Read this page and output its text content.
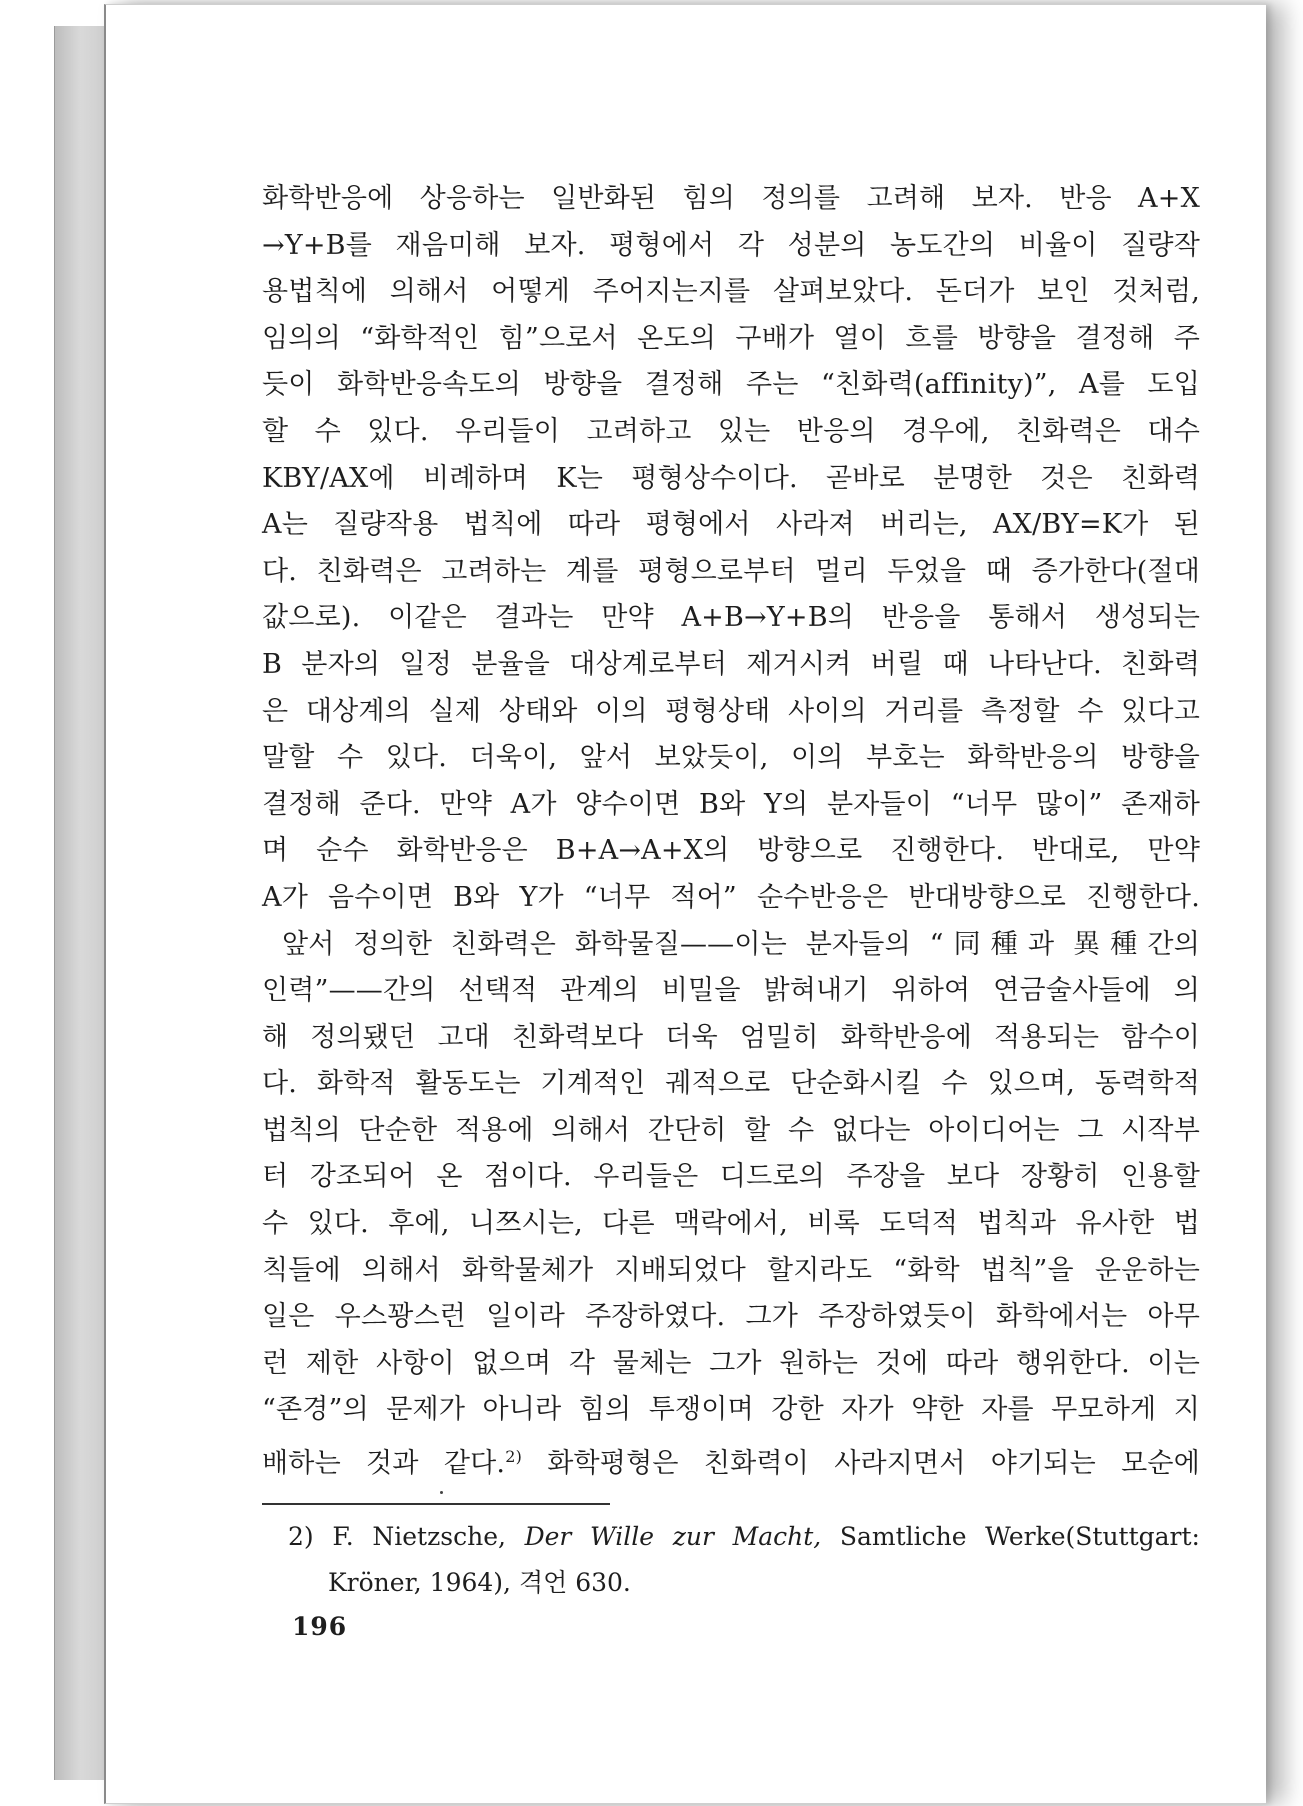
화학반응에 상응하는 일반화된 힘의 정의를 고려해 보자. 반응 A+X
→Y+B를 재음미해 보자. 평형에서 각 성분의 농도간의 비율이 질량작
용법칙에 의해서 어떻게 주어지는지를 살펴보았다. 돈더가 보인 것처럼,
임의의 “화학적인 힘”으로서 온도의 구배가 열이 흐를 방향을 결정해 주
듯이 화학반응속도의 방향을 결정해 주는 “친화력(affinity)”, A를 도입
할 수 있다. 우리들이 고려하고 있는 반응의 경우에, 친화력은 대수
KBY/AX에 비례하며 K는 평형상수이다. 곧바로 분명한 것은 친화력
A는 질량작용 법칙에 따라 평형에서 사라져 버리는, AX/BY=K가 된
다. 친화력은 고려하는 계를 평형으로부터 멀리 두었을 때 증가한다(절대
값으로). 이같은 결과는 만약 A+B→Y+B의 반응을 통해서 생성되는
B 분자의 일정 분율을 대상계로부터 제거시켜 버릴 때 나타난다. 친화력
은 대상계의 실제 상태와 이의 평형상태 사이의 거리를 측정할 수 있다고
말할 수 있다. 더욱이, 앞서 보았듯이, 이의 부호는 화학반응의 방향을
결정해 준다. 만약 A가 양수이면 B와 Y의 분자들이 “너무 많이” 존재하
며 순수 화학반응은 B+A→A+X의 방향으로 진행한다. 반대로, 만약
A가 음수이면 B와 Y가 “너무 적어” 순수반응은 반대방향으로 진행한다.
앞서 정의한 친화력은 화학물질——이는 분자들의 “同種과 異種간의
인력”——간의 선택적 관계의 비밀을 밝혀내기 위하여 연금술사들에 의
해 정의됐던 고대 친화력보다 더욱 엄밀히 화학반응에 적용되는 함수이
다. 화학적 활동도는 기계적인 궤적으로 단순화시킬 수 있으며, 동력학적
법칙의 단순한 적용에 의해서 간단히 할 수 없다는 아이디어는 그 시작부
터 강조되어 온 점이다. 우리들은 디드로의 주장을 보다 장황히 인용할
수 있다. 후에, 니쯔시는, 다른 맥락에서, 비록 도덕적 법칙과 유사한 법
칙들에 의해서 화학물체가 지배되었다 할지라도 “화학 법칙”을 운운하는
일은 우스꽝스런 일이라 주장하였다. 그가 주장하였듯이 화학에서는 아무
런 제한 사항이 없으며 각 물체는 그가 원하는 것에 따라 행위한다. 이는
“존경”의 문제가 아니라 힘의 투쟁이며 강한 자가 약한 자를 무모하게 지
배하는 것과 같다.$^{2)}$ 화학평형은 친화력이 사라지면서 야기되는 모순에
2) F. Nietzsche, Der Wille zur Macht, Samtliche Werke(Stuttgart:
Kröner, 1964), 격언 630.
196
